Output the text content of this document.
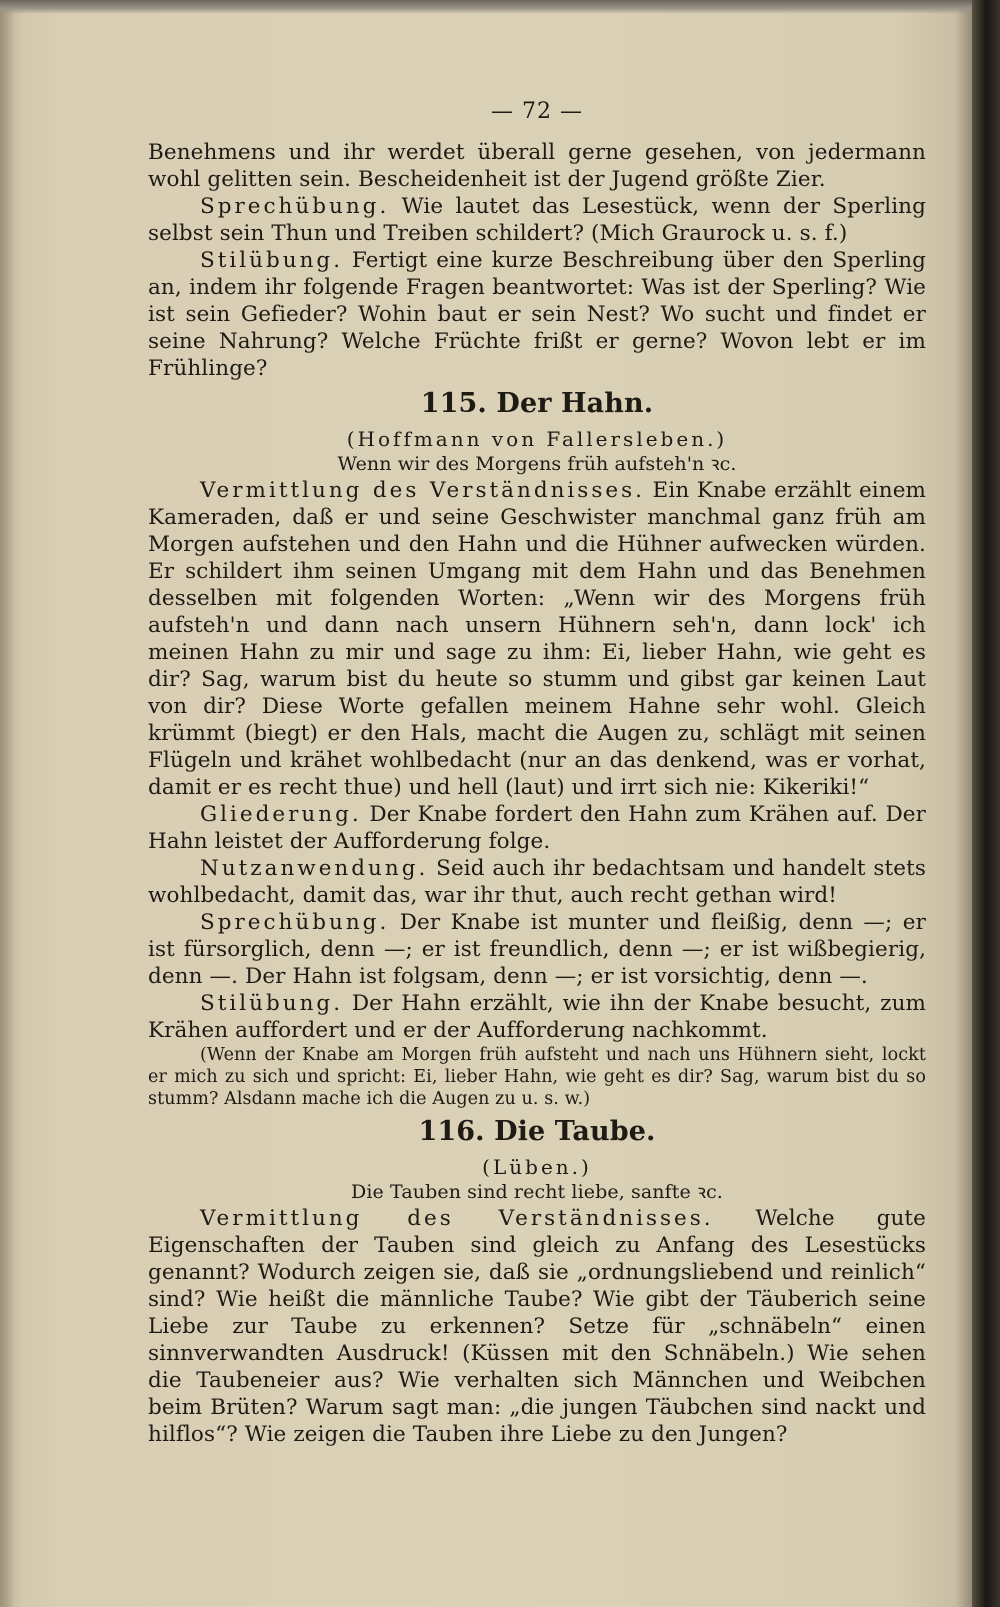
— 72 —

Benehmens und ihr werdet überall gerne gesehen, von jedermann wohl gelitten sein. Bescheidenheit ist der Jugend größte Zier.

Sprechübung. Wie lautet das Lesestück, wenn der Sperling selbst sein Thun und Treiben schildert? (Mich Graurock u. s. f.)

Stilübung. Fertigt eine kurze Beschreibung über den Sperling an, indem ihr folgende Fragen beantwortet: Was ist der Sperling? Wie ist sein Gefieder? Wohin baut er sein Nest? Wo sucht und findet er seine Nahrung? Welche Früchte frißt er gerne? Wovon lebt er im Frühlinge?

115. Der Hahn.
(Hoffmann von Fallersleben.)
Wenn wir des Morgens früh aufsteh'n ꝛc.

Vermittlung des Verständnisses. Ein Knabe erzählt einem Kameraden, daß er und seine Geschwister manchmal ganz früh am Morgen aufstehen und den Hahn und die Hühner aufwecken würden. Er schildert ihm seinen Umgang mit dem Hahn und das Benehmen desselben mit folgenden Worten: „Wenn wir des Morgens früh aufsteh'n und dann nach unsern Hühnern seh'n, dann lock' ich meinen Hahn zu mir und sage zu ihm: Ei, lieber Hahn, wie geht es dir? Sag, warum bist du heute so stumm und gibst gar keinen Laut von dir? Diese Worte gefallen meinem Hahne sehr wohl. Gleich krümmt (biegt) er den Hals, macht die Augen zu, schlägt mit seinen Flügeln und krähet wohlbedacht (nur an das denkend, was er vorhat, damit er es recht thue) und hell (laut) und irrt sich nie: Kikeriki!“

Gliederung. Der Knabe fordert den Hahn zum Krähen auf. Der Hahn leistet der Aufforderung folge.

Nutzanwendung. Seid auch ihr bedachtsam und handelt stets wohlbedacht, damit das, war ihr thut, auch recht gethan wird!

Sprechübung. Der Knabe ist munter und fleißig, denn —; er ist fürsorglich, denn —; er ist freundlich, denn —; er ist wißbegierig, denn —. Der Hahn ist folgsam, denn —; er ist vorsichtig, denn —.

Stilübung. Der Hahn erzählt, wie ihn der Knabe besucht, zum Krähen auffordert und er der Aufforderung nachkommt.

(Wenn der Knabe am Morgen früh aufsteht und nach uns Hühnern sieht, lockt er mich zu sich und spricht: Ei, lieber Hahn, wie geht es dir? Sag, warum bist du so stumm? Alsdann mache ich die Augen zu u. s. w.)

116. Die Taube.
(Lüben.)
Die Tauben sind recht liebe, sanfte ꝛc.

Vermittlung des Verständnisses. Welche gute Eigenschaften der Tauben sind gleich zu Anfang des Lesestücks genannt? Wodurch zeigen sie, daß sie „ordnungsliebend und reinlich“ sind? Wie heißt die männliche Taube? Wie gibt der Täuberich seine Liebe zur Taube zu erkennen? Setze für „schnäbeln“ einen sinnverwandten Ausdruck! (Küssen mit den Schnäbeln.) Wie sehen die Taubeneier aus? Wie verhalten sich Männchen und Weibchen beim Brüten? Warum sagt man: „die jungen Täubchen sind nackt und hilflos“? Wie zeigen die Tauben ihre Liebe zu den Jungen?
